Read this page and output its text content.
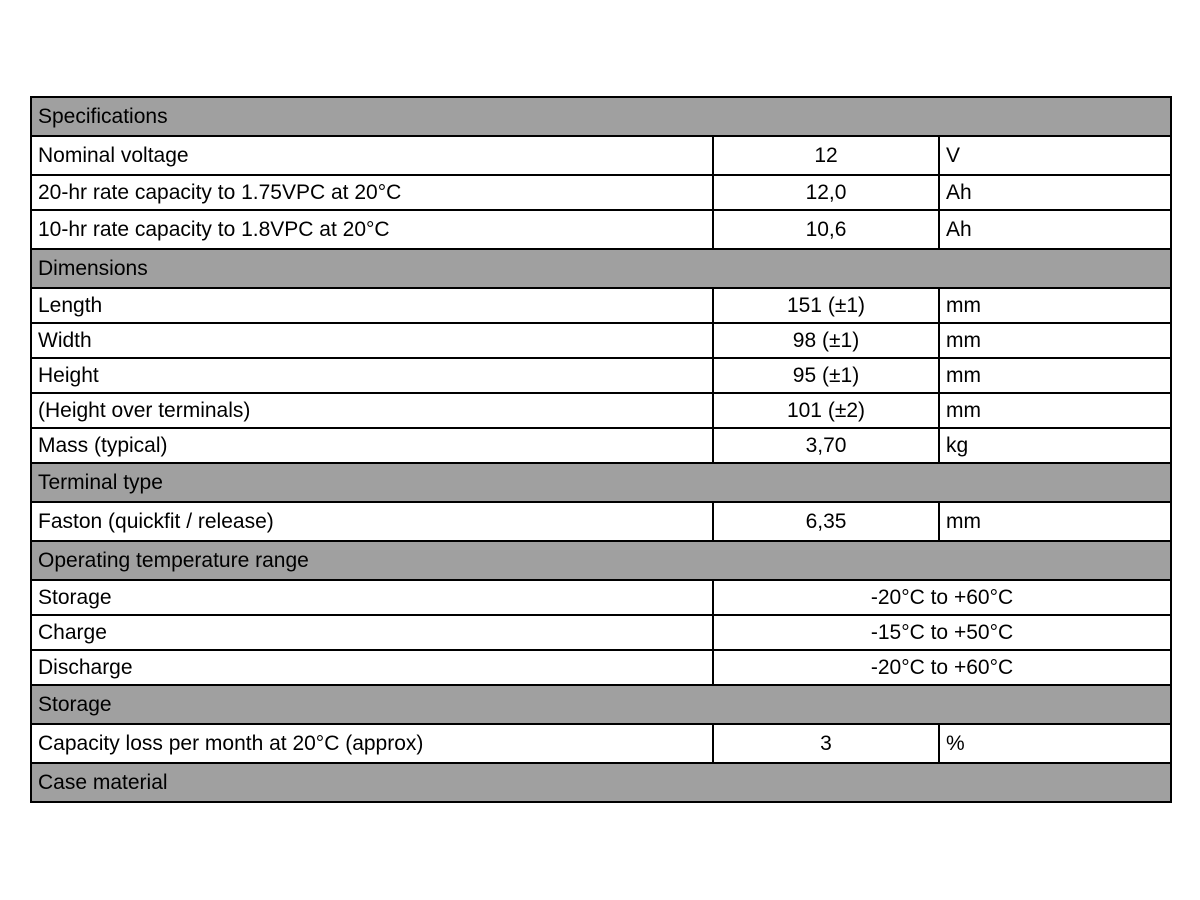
Specifications		
Nominal voltage	12	V
20-hr rate capacity to 1.75VPC at 20°C	12,0	Ah
10-hr rate capacity to 1.8VPC at 20°C	10,6	Ah
Dimensions		
Length	151 (±1)	mm
Width	98 (±1)	mm
Height	95 (±1)	mm
(Height over terminals)	101 (±2)	mm
Mass (typical)	3,70	kg
Terminal type		
Faston (quickfit / release)	6,35	mm
Operating temperature range		
Storage	-20°C to +60°C	
Charge	-15°C to +50°C	
Discharge	-20°C to +60°C	
Storage		
Capacity loss per month at 20°C (approx)	3	%
Case material		
